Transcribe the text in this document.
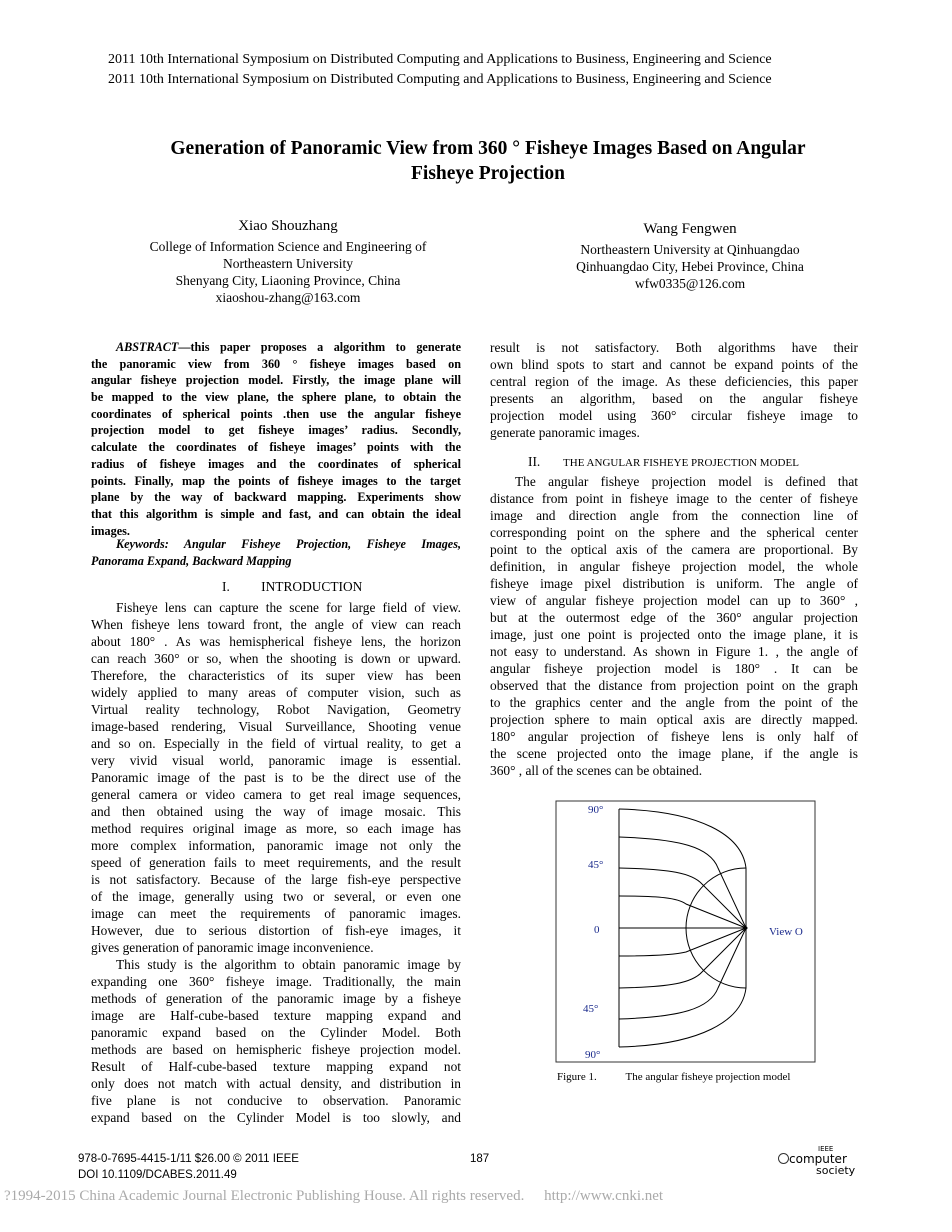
2011 10th International Symposium on Distributed Computing and Applications to Business, Engineering and Science
2011 10th International Symposium on Distributed Computing and Applications to Business, Engineering and Science
Generation of Panoramic View from 360 ° Fisheye Images Based on Angular
Fisheye Projection
Xiao Shouzhang
College of Information Science and Engineering of
Northeastern University
Shenyang City, Liaoning Province, China
xiaoshou-zhang@163.com
Wang Fengwen
Northeastern University at Qinhuangdao
Qinhuangdao City, Hebei Province, China
wfw0335@126.com
ABSTRACT—this paper proposes a algorithm to generate
the panoramic view from 360 ° fisheye images based on
angular fisheye projection model. Firstly, the image plane will
be mapped to the view plane, the sphere plane, to obtain the
coordinates of spherical points .then use the angular fisheye
projection model to get fisheye images’ radius. Secondly,
calculate the coordinates of fisheye images’ points with the
radius of fisheye images and the coordinates of spherical
points. Finally, map the points of fisheye images to the target
plane by the way of backward mapping. Experiments show
that this algorithm is simple and fast, and can obtain the ideal
images.
Keywords: Angular Fisheye Projection, Fisheye Images,
Panorama Expand, Backward Mapping
I. INTRODUCTION
Fisheye lens can capture the scene for large field of view.
When fisheye lens toward front, the angle of view can reach
about 180° . As was hemispherical fisheye lens, the horizon
can reach 360° or so, when the shooting is down or upward.
Therefore, the characteristics of its super view has been
widely applied to many areas of computer vision, such as
Virtual reality technology, Robot Navigation, Geometry
image-based rendering, Visual Surveillance, Shooting venue
and so on. Especially in the field of virtual reality, to get a
very vivid visual world, panoramic image is essential.
Panoramic image of the past is to be the direct use of the
general camera or video camera to get real image sequences,
and then obtained using the way of image mosaic. This
method requires original image as more, so each image has
more complex information, panoramic image not only the
speed of generation fails to meet requirements, and the result
is not satisfactory. Because of the large fish-eye perspective
of the image, generally using two or several, or even one
image can meet the requirements of panoramic images.
However, due to serious distortion of fish-eye images, it
gives generation of panoramic image inconvenience.
This study is the algorithm to obtain panoramic image by
expanding one 360° fisheye image. Traditionally, the main
methods of generation of the panoramic image by a fisheye
image are Half-cube-based texture mapping expand and
panoramic expand based on the Cylinder Model. Both
methods are based on hemispheric fisheye projection model.
Result of Half-cube-based texture mapping expand not
only does not match with actual density, and distribution in
five plane is not conducive to observation. Panoramic
expand based on the Cylinder Model is too slowly, and
result is not satisfactory. Both algorithms have their
own blind spots to start and cannot be expand points of the
central region of the image. As these deficiencies, this paper
presents an algorithm, based on the angular fisheye
projection model using 360° circular fisheye image to
generate panoramic images.
II. THE ANGULAR FISHEYE PROJECTION MODEL
The angular fisheye projection model is defined that
distance from point in fisheye image to the center of fisheye
image and direction angle from the connection line of
corresponding point on the sphere and the spherical center
point to the optical axis of the camera are proportional. By
definition, in angular fisheye projection model, the whole
fisheye image pixel distribution is uniform. The angle of
view of angular fisheye projection model can up to 360° ,
but at the outermost edge of the 360° angular projection
image, just one point is projected onto the image plane, it is
not easy to understand. As shown in Figure 1. , the angle of
angular fisheye projection model is 180° . It can be
observed that the distance from projection point on the graph
to the graphics center and the angle from the point of the
projection sphere to main optical axis are directly mapped.
180° angular projection of fisheye lens is only half of
the scene projected onto the image plane, if the angle is
360° , all of the scenes can be obtained.
90°
45°
0	View O
45°
90°
Figure 1.	The angular fisheye projection model
978-0-7695-4415-1/11 $26.00 © 2011 IEEE
DOI 10.1109/DCABES.2011.49
187
IEEE
computer
society
?1994-2015 China Academic Journal Electronic Publishing House. All rights reserved. http://www.cnki.net
